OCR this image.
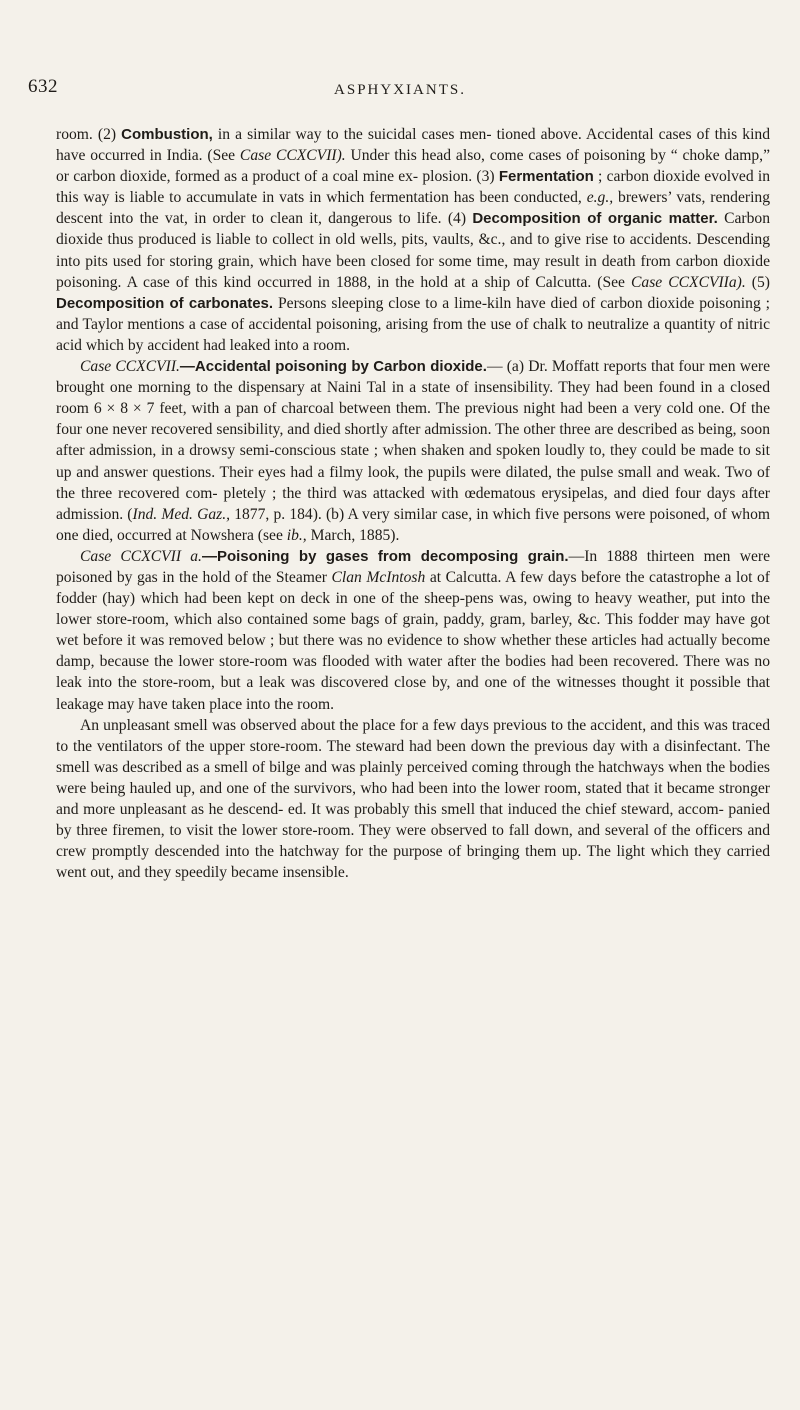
632	ASPHYXIANTS.

room. (2) Combustion, in a similar way to the suicidal cases men- tioned above. Accidental cases of this kind have occurred in India. (See Case CCXCVII). Under this head also, come cases of poisoning by “ choke damp,” or carbon dioxide, formed as a product of a coal mine ex- plosion. (3) Fermentation ; carbon dioxide evolved in this way is liable to accumulate in vats in which fermentation has been conducted, e.g., brewers’ vats, rendering descent into the vat, in order to clean it, dangerous to life. (4) Decomposition of organic matter. Carbon dioxide thus produced is liable to collect in old wells, pits, vaults, &c., and to give rise to accidents. Descending into pits used for storing grain, which have been closed for some time, may result in death from carbon dioxide poisoning. A case of this kind occurred in 1888, in the hold at a ship of Calcutta. (See Case CCXCVIIa). (5) Decomposition of carbonates. Persons sleeping close to a lime-kiln have died of carbon dioxide poisoning ; and Taylor mentions a case of accidental poisoning, arising from the use of chalk to neutralize a quantity of nitric acid which by accident had leaked into a room.

Case CCXCVII.—Accidental poisoning by Carbon dioxide.— (a) Dr. Moffatt reports that four men were brought one morning to the dispensary at Naini Tal in a state of insensibility. They had been found in a closed room 6 × 8 × 7 feet, with a pan of charcoal between them. The previous night had been a very cold one. Of the four one never recovered sensibility, and died shortly after admission. The other three are described as being, soon after admission, in a drowsy semi-conscious state ; when shaken and spoken loudly to, they could be made to sit up and answer questions. Their eyes had a filmy look, the pupils were dilated, the pulse small and weak. Two of the three recovered com- pletely ; the third was attacked with œdematous erysipelas, and died four days after admission. (Ind. Med. Gaz., 1877, p. 184). (b) A very similar case, in which five persons were poisoned, of whom one died, occurred at Nowshera (see ib., March, 1885).

Case CCXCVII a.—Poisoning by gases from decomposing grain.—In 1888 thirteen men were poisoned by gas in the hold of the Steamer Clan McIntosh at Calcutta. A few days before the catastrophe a lot of fodder (hay) which had been kept on deck in one of the sheep-pens was, owing to heavy weather, put into the lower store-room, which also contained some bags of grain, paddy, gram, barley, &c. This fodder may have got wet before it was removed below ; but there was no evidence to show whether these articles had actually become damp, because the lower store-room was flooded with water after the bodies had been recovered. There was no leak into the store-room, but a leak was discovered close by, and one of the witnesses thought it possible that leakage may have taken place into the room.

An unpleasant smell was observed about the place for a few days previous to the accident, and this was traced to the ventilators of the upper store-room. The steward had been down the previous day with a disinfectant. The smell was described as a smell of bilge and was plainly perceived coming through the hatchways when the bodies were being hauled up, and one of the survivors, who had been into the lower room, stated that it became stronger and more unpleasant as he descend- ed. It was probably this smell that induced the chief steward, accom- panied by three firemen, to visit the lower store-room. They were observed to fall down, and several of the officers and crew promptly descended into the hatchway for the purpose of bringing them up. The light which they carried went out, and they speedily became insensible.
